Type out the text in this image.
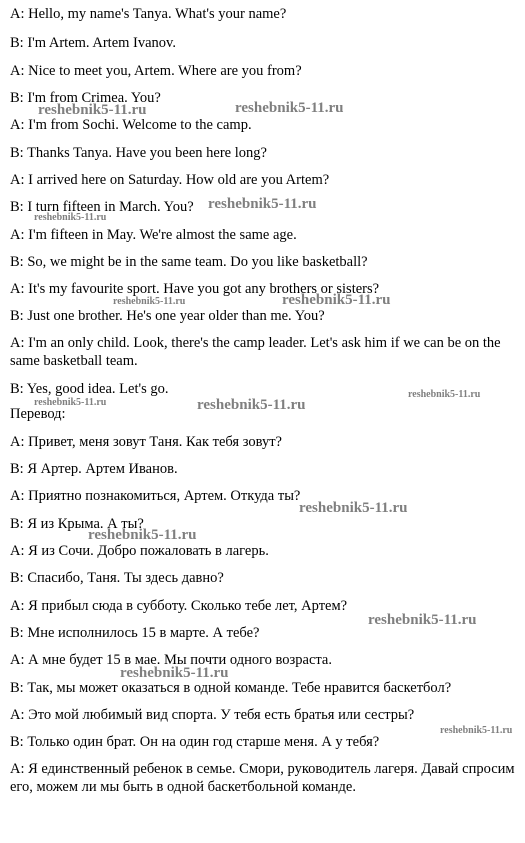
A: Hello, my name's Tanya. What's your name?
B: I'm Artem. Artem Ivanov.
A: Nice to meet you, Artem. Where are you from?
B: I'm from Crimea. You?
A: I'm from Sochi. Welcome to the camp.
B: Thanks Tanya. Have you been here long?
A: I arrived here on Saturday. How old are you Artem?
B: I turn fifteen in March. You?
A: I'm fifteen in May. We're almost the same age.
B: So, we might be in the same team. Do you like basketball?
A: It's my favourite sport. Have you got any brothers or sisters?
B: Just one brother. He's one year older than me. You?
A: I'm an only child. Look, there's the camp leader. Let's ask him if we can be on the same basketball team.
B: Yes, good idea. Let's go.
Перевод:
А: Привет, меня зовут Таня. Как тебя зовут?
В: Я Артер. Артем Иванов.
А: Приятно познакомиться, Артем. Откуда ты?
В: Я из Крыма. А ты?
А: Я из Сочи. Добро пожаловать в лагерь.
В: Спасибо, Таня. Ты здесь давно?
А: Я прибыл сюда в субботу. Сколько тебе лет, Артем?
В: Мне исполнилось 15 в марте. А тебе?
А: А мне будет 15 в мае. Мы почти одного возраста.
В: Так, мы может оказаться в одной команде. Тебе нравится баскетбол?
А: Это мой любимый вид спорта. У тебя есть братья или сестры?
В: Только один брат. Он на один год старше меня. А у тебя?
А: Я единственный ребенок в семье. Смори, руководитель лагеря. Давай спросим его, можем ли мы быть в одной баскетбольной команде.
reshebnik5-11.ru	reshebnik5-11.ru
reshebnik5-11.ru
reshebnik5-11.ru
reshebnik5-11.ru
reshebnik5-11.ru
reshebnik5-11.ru
reshebnik5-11.ru	reshebnik5-11.ru
reshebnik5-11.ru
reshebnik5-11.ru
reshebnik5-11.ru
reshebnik5-11.ru
reshebnik5-11.ru
